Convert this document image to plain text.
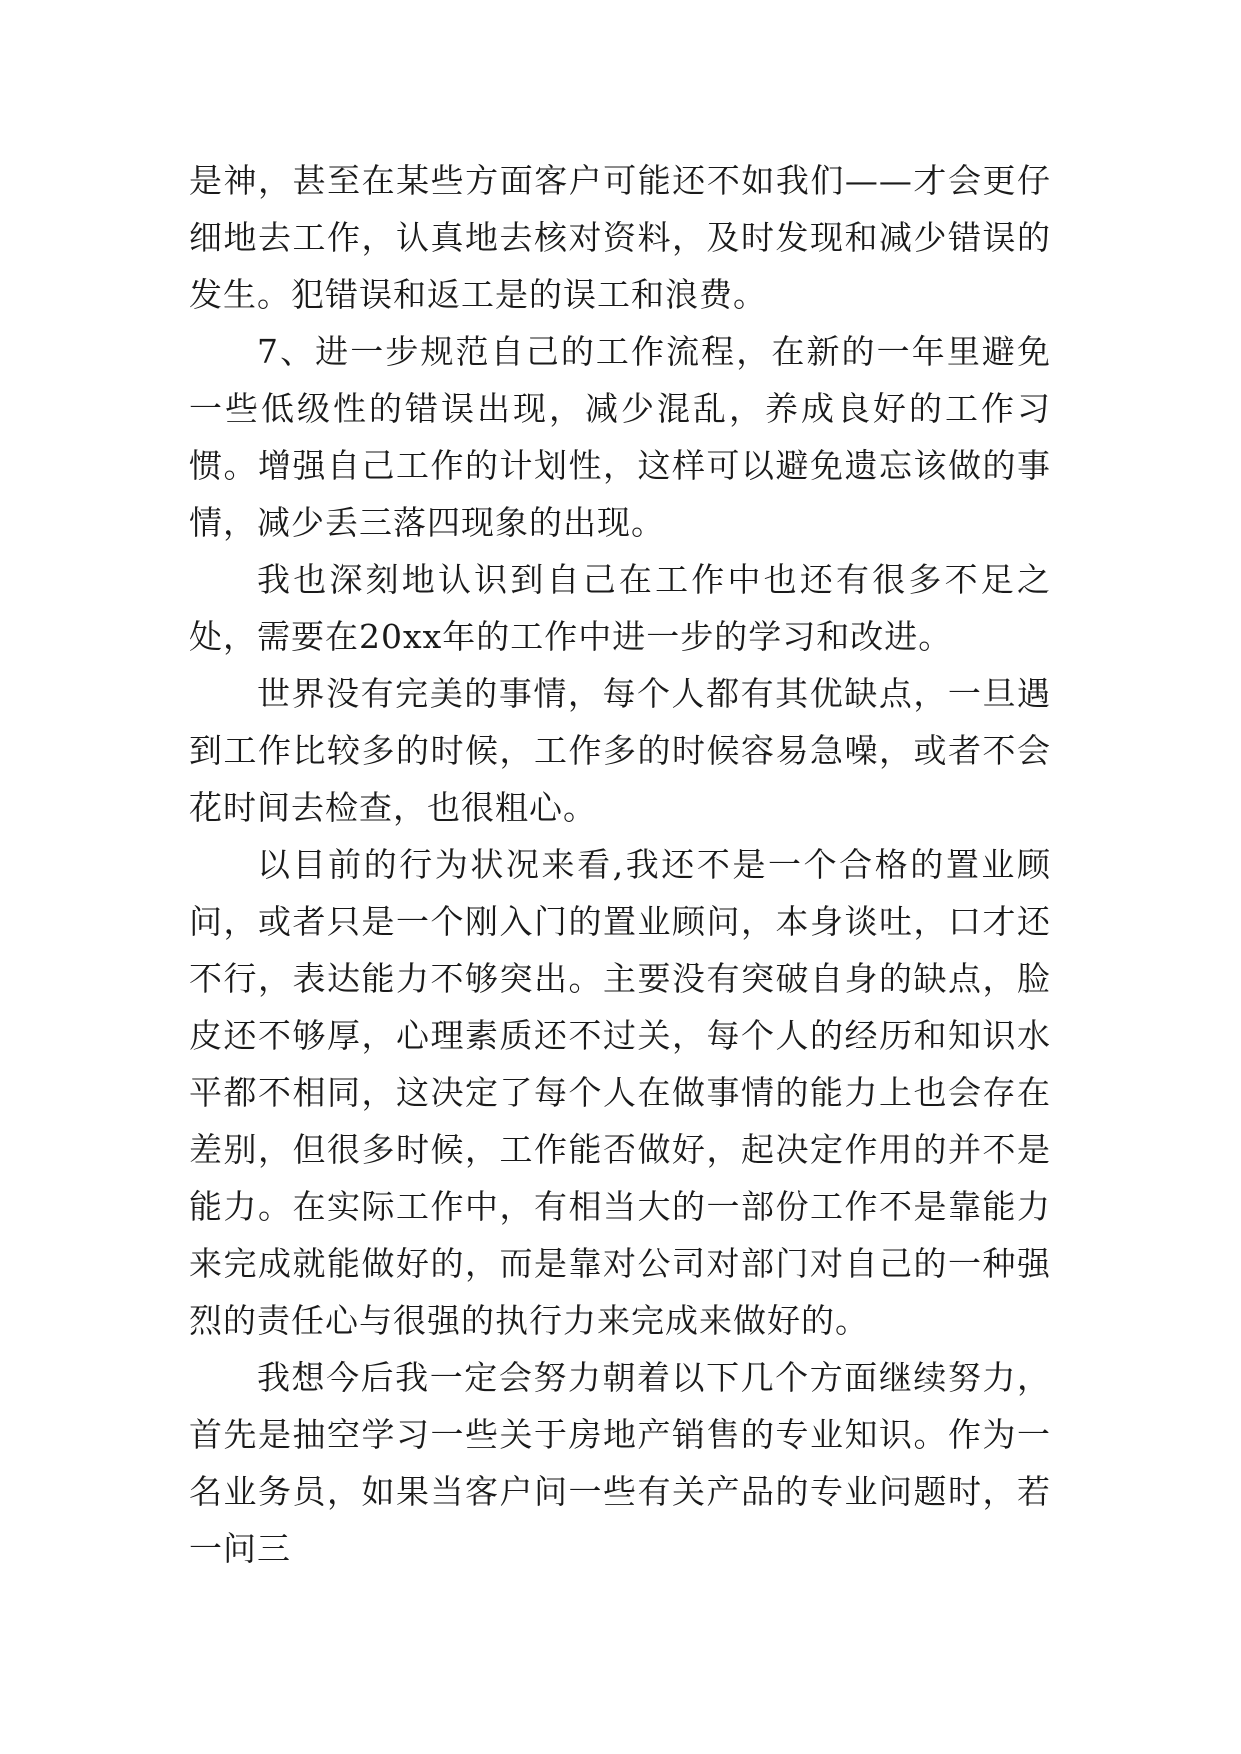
是神，甚至在某些方面客户可能还不如我们——才会更仔细地去工作，认真地去核对资料，及时发现和减少错误的发生。犯错误和返工是的误工和浪费。

7、进一步规范自己的工作流程，在新的一年里避免一些低级性的错误出现，减少混乱，养成良好的工作习惯。增强自己工作的计划性，这样可以避免遗忘该做的事情，减少丢三落四现象的出现。

我也深刻地认识到自己在工作中也还有很多不足之处，需要在20xx年的工作中进一步的学习和改进。

世界没有完美的事情，每个人都有其优缺点，一旦遇到工作比较多的时候，工作多的时候容易急噪，或者不会花时间去检查，也很粗心。

以目前的行为状况来看,我还不是一个合格的置业顾问，或者只是一个刚入门的置业顾问，本身谈吐，口才还不行，表达能力不够突出。主要没有突破自身的缺点，脸皮还不够厚，心理素质还不过关，每个人的经历和知识水平都不相同，这决定了每个人在做事情的能力上也会存在差别，但很多时候，工作能否做好，起决定作用的并不是能力。在实际工作中，有相当大的一部份工作不是靠能力来完成就能做好的，而是靠对公司对部门对自己的一种强烈的责任心与很强的执行力来完成来做好的。

我想今后我一定会努力朝着以下几个方面继续努力，首先是抽空学习一些关于房地产销售的专业知识。作为一名业务员，如果当客户问一些有关产品的专业问题时，若一问三
